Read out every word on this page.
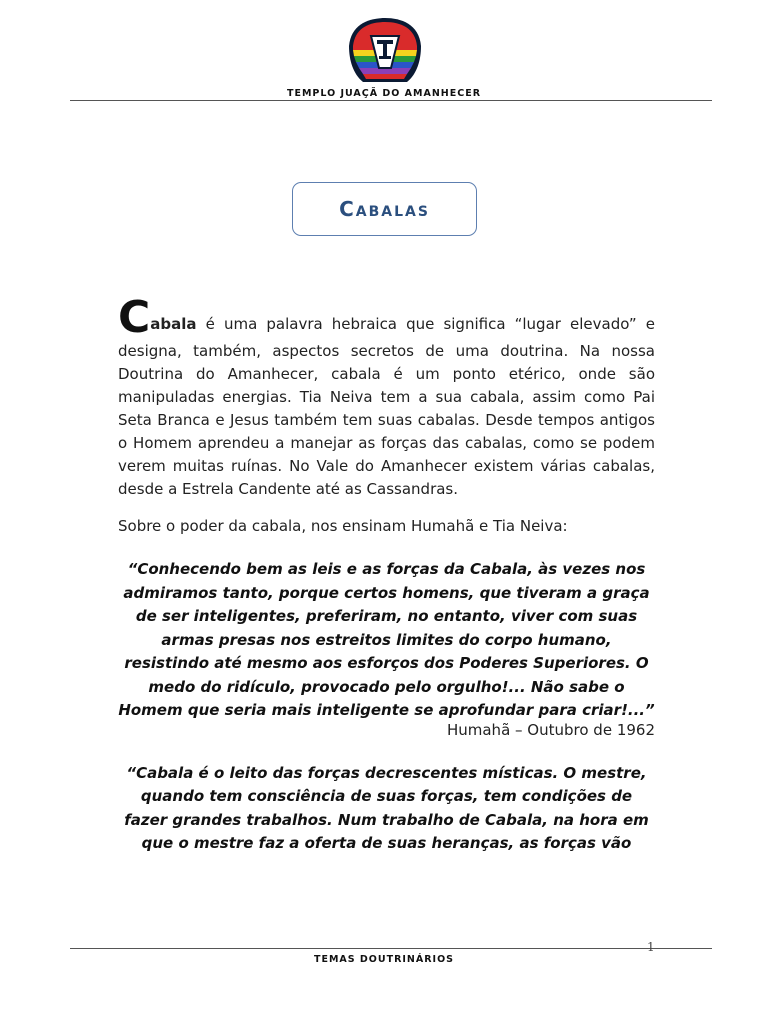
TEMPLO JUAÇÃ DO AMANHECER
Cabalas

Cabala é uma palavra hebraica que significa “lugar elevado” e designa, também, aspectos secretos de uma doutrina. Na nossa Doutrina do Amanhecer, cabala é um ponto etérico, onde são manipuladas energias. Tia Neiva tem a sua cabala, assim como Pai Seta Branca e Jesus também tem suas cabalas. Desde tempos antigos o Homem aprendeu a manejar as forças das cabalas, como se podem verem muitas ruínas. No Vale do Amanhecer existem várias cabalas, desde a Estrela Candente até as Cassandras.

Sobre o poder da cabala, nos ensinam Humahã e Tia Neiva:

“Conhecendo bem as leis e as forças da Cabala, às vezes nos admiramos tanto, porque certos homens, que tiveram a graça de ser inteligentes, preferiram, no entanto, viver com suas armas presas nos estreitos limites do corpo humano, resistindo até mesmo aos esforços dos Poderes Superiores. O medo do ridículo, provocado pelo orgulho!... Não sabe o Homem que seria mais inteligente se aprofundar para criar!...”

Humahã – Outubro de 1962

“Cabala é o leito das forças decrescentes místicas. O mestre, quando tem consciência de suas forças, tem condições de fazer grandes trabalhos. Num trabalho de Cabala, na hora em que o mestre faz a oferta de suas heranças, as forças vão

1
TEMAS DOUTRINÁRIOS
